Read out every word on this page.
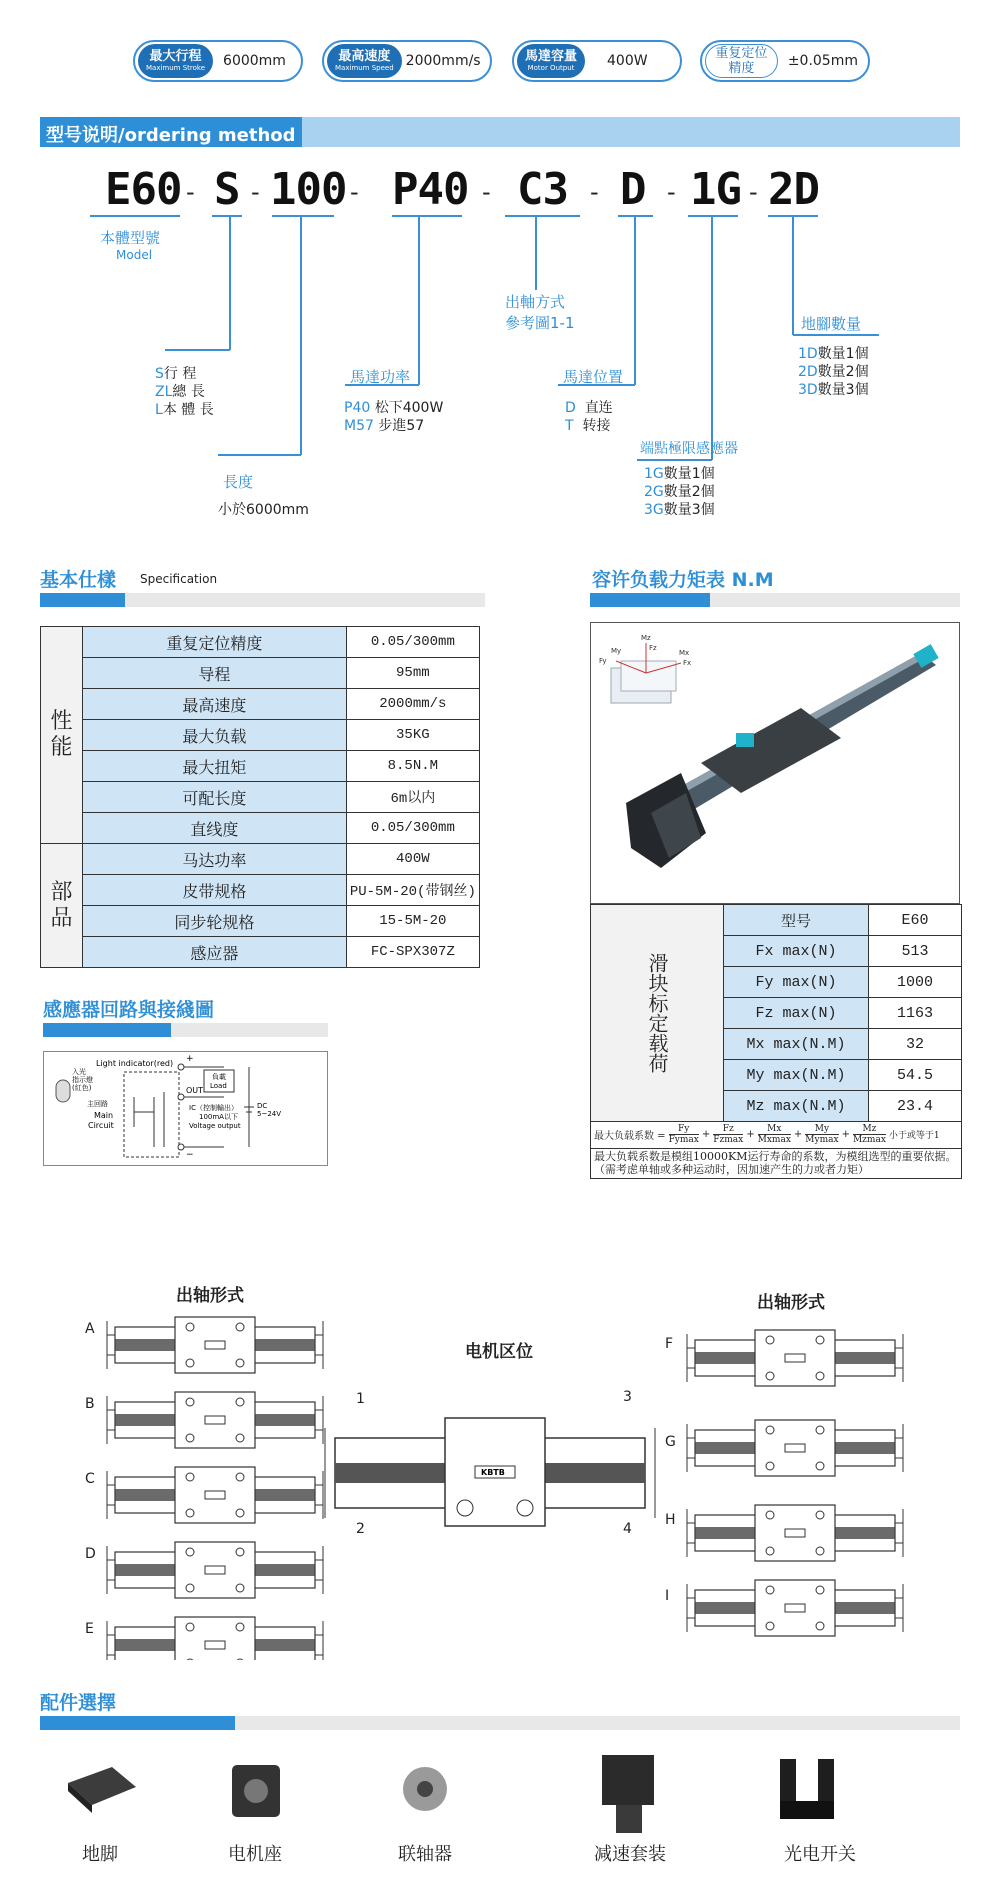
最大行程
Maximum Stroke	6000mm	最高速度
Maximum Speed 2000mm/s	馬達容量
Motor Output	400W	重复定位精度	±0.05mm
型号说明/ordering method
E60 - S - 100 - P40 - C3 - D - 1G - 2D
本體型號
Model
S行 程
ZL總 長
L本 體 長
長度
小於6000mm
馬達功率
P40 松下400W
M57 步進57
出軸方式
參考圖1-1
馬達位置
D 直连
T 转接
端點極限感應器
1G數量1個
2G數量2個
3G數量3個
地腳數量
1D數量1個
2D數量2個
3D數量3個
基本仕樣 Specification
性能	重复定位精度	0.05/300mm
	导程	95mm
	最高速度	2000mm/s
	最大负载	35KG
	最大扭矩	8.5N.M
	可配长度	6m以内
	直线度	0.05/300mm
部品	马达功率	400W
	皮带规格	PU-5M-20(带钢丝)
	同步轮规格	15-5M-20
	感应器	FC-SPX307Z
容许负载力矩表 N.M
Mz
Fz
My
Fy
Mx
Fx
滑块标定载荷	型号	E60
	Fx max(N)	513
	Fy max(N)	1000
	Fz max(N)	1163
	Mx max(N.M)	32
	My max(N.M)	54.5
	Mz max(N.M)	23.4
最大负载系数 =
Fy
Fymax + Fz
Fzmax + Mx
Mxmax + My
Mymax + Mz
Mzmax 小于或等于1
最大负载系数是模组10000KM运行寿命的系数，为模组选型的重要依据。（需考虑单轴或多种运动时，因加速产生的力或者力矩）
感應器回路與接綫圖
入光
指示燈
(紅色)
Light indicator(red)
主回路
Main
Circuit
+
OUT
−
負載
Load
DC
5~24V
IC（控制輸出）
100mA以下
Voltage output
出轴形式	出轴形式
电机区位
A
B
C
D
E
F
G
H
I
1	3
2	4
KBTB
配件選擇
地脚	电机座	联轴器	减速套装	光电开关
